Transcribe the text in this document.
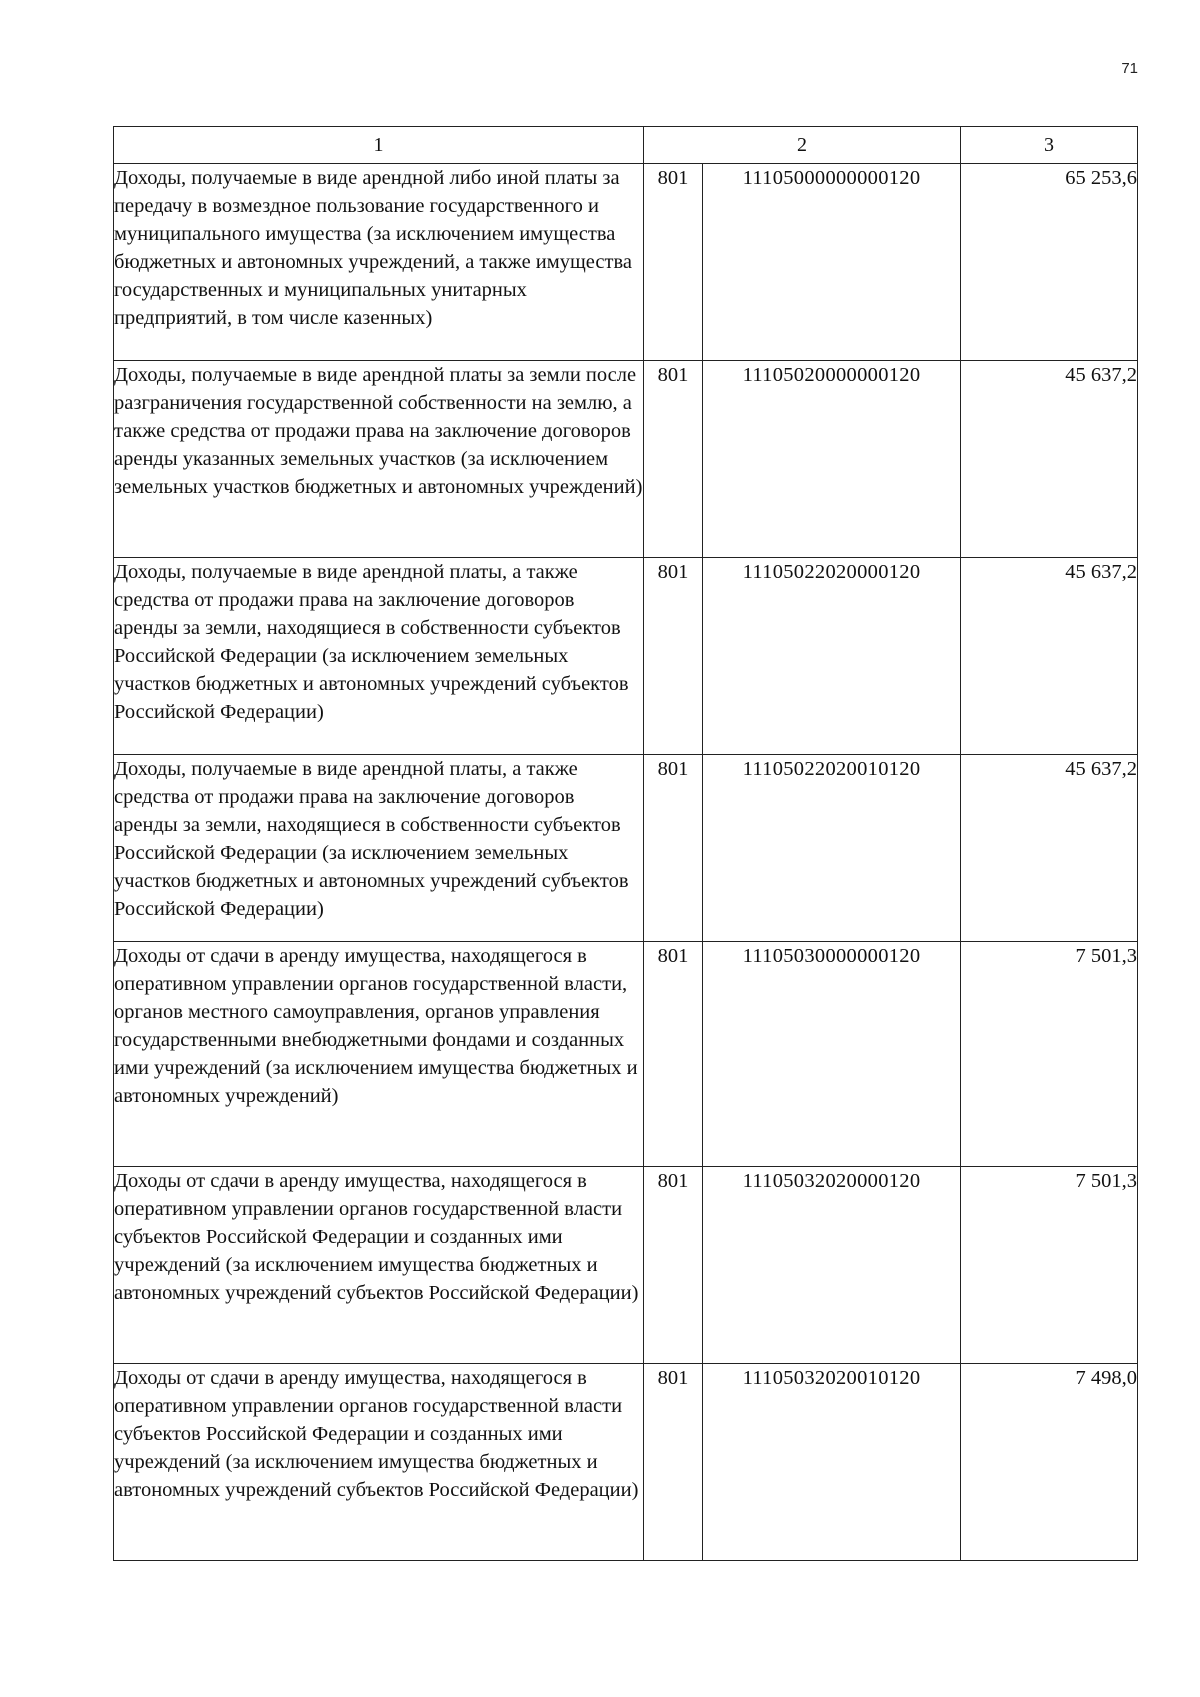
71
1	2		3
Доходы, получаемые в виде арендной либо иной платы за передачу в возмездное пользование государственного и муниципального имущества (за исключением имущества бюджетных и автономных учреждений, а также имущества государственных и муниципальных унитарных предприятий, в том числе казенных)	801	11105000000000120	65 253,6
Доходы, получаемые в виде арендной платы за земли после разграничения государственной собственности на землю, а также средства от продажи права на заключение договоров аренды указанных земельных участков (за исключением земельных участков бюджетных и автономных учреждений)	801	11105020000000120	45 637,2
Доходы, получаемые в виде арендной платы, а также средства от продажи права на заключение договоров аренды за земли, находящиеся в собственности субъектов Российской Федерации (за исключением земельных участков бюджетных и автономных учреждений субъектов Российской Федерации)	801	11105022020000120	45 637,2
Доходы, получаемые в виде арендной платы, а также средства от продажи права на заключение договоров аренды за земли, находящиеся в собственности субъектов Российской Федерации (за исключением земельных участков бюджетных и автономных учреждений субъектов Российской Федерации)	801	11105022020010120	45 637,2
Доходы от сдачи в аренду имущества, находящегося в оперативном управлении органов государственной власти, органов местного самоуправления, органов управления государственными внебюджетными фондами и созданных ими учреждений (за исключением имущества бюджетных и автономных учреждений)	801	11105030000000120	7 501,3
Доходы от сдачи в аренду имущества, находящегося в оперативном управлении органов государственной власти субъектов Российской Федерации и созданных ими учреждений (за исключением имущества бюджетных и автономных учреждений субъектов Российской Федерации)	801	11105032020000120	7 501,3
Доходы от сдачи в аренду имущества, находящегося в оперативном управлении органов государственной власти субъектов Российской Федерации и созданных ими учреждений (за исключением имущества бюджетных и автономных учреждений субъектов Российской Федерации)	801	11105032020010120	7 498,0
